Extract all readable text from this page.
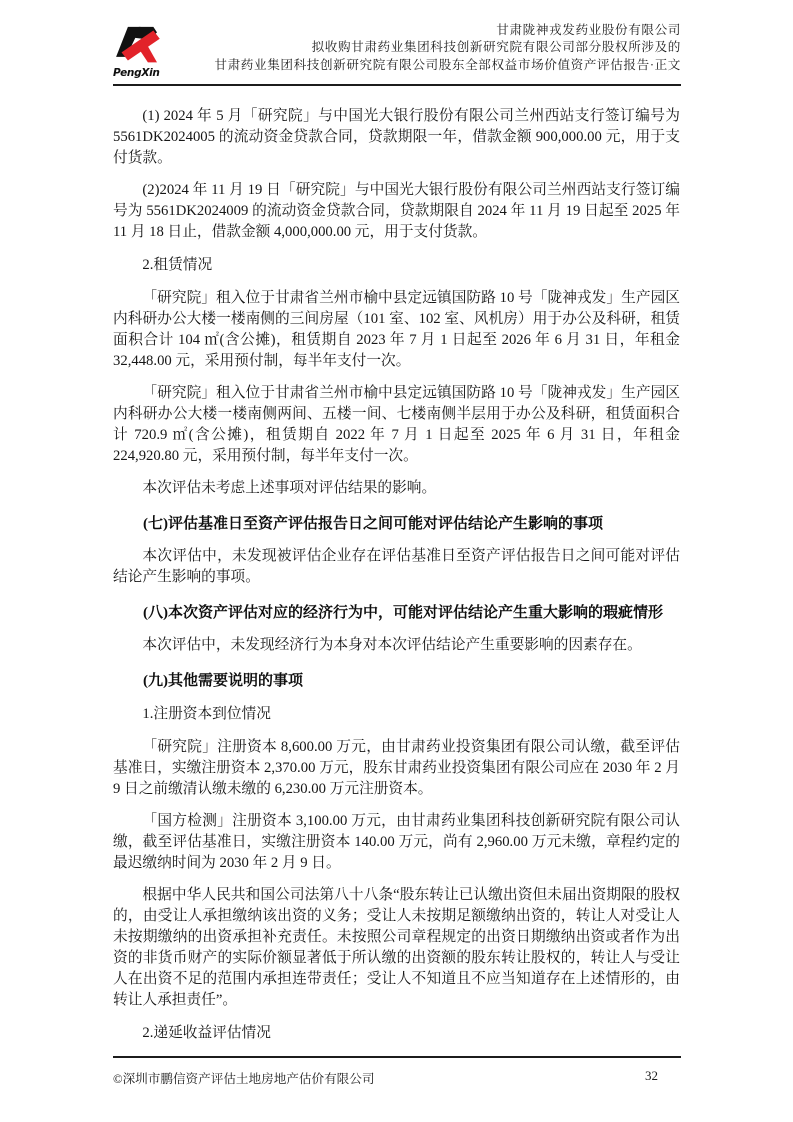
PengXin
甘肃陇神戎发药业股份有限公司
拟收购甘肃药业集团科技创新研究院有限公司部分股权所涉及的
甘肃药业集团科技创新研究院有限公司股东全部权益市场价值资产评估报告·正文

(1) 2024 年 5 月「研究院」与中国光大银行股份有限公司兰州西站支行签订编号为 5561DK2024005 的流动资金贷款合同，贷款期限一年，借款金额 900,000.00 元，用于支付货款。

(2)2024 年 11 月 19 日「研究院」与中国光大银行股份有限公司兰州西站支行签订编号为 5561DK2024009 的流动资金贷款合同，贷款期限自 2024 年 11 月 19 日起至 2025 年 11 月 18 日止，借款金额 4,000,000.00 元，用于支付货款。

2.租赁情况

「研究院」租入位于甘肃省兰州市榆中县定远镇国防路 10 号「陇神戎发」生产园区内科研办公大楼一楼南侧的三间房屋（101 室、102 室、风机房）用于办公及科研，租赁面积合计 104 ㎡(含公摊)，租赁期自 2023 年 7 月 1 日起至 2026 年 6 月 31 日，年租金 32,448.00 元，采用预付制，每半年支付一次。

「研究院」租入位于甘肃省兰州市榆中县定远镇国防路 10 号「陇神戎发」生产园区内科研办公大楼一楼南侧两间、五楼一间、七楼南侧半层用于办公及科研，租赁面积合计 720.9 ㎡(含公摊)，租赁期自 2022 年 7 月 1 日起至 2025 年 6 月 31 日，年租金 224,920.80 元，采用预付制，每半年支付一次。

本次评估未考虑上述事项对评估结果的影响。

(七)评估基准日至资产评估报告日之间可能对评估结论产生影响的事项

本次评估中，未发现被评估企业存在评估基准日至资产评估报告日之间可能对评估结论产生影响的事项。

(八)本次资产评估对应的经济行为中，可能对评估结论产生重大影响的瑕疵情形

本次评估中，未发现经济行为本身对本次评估结论产生重要影响的因素存在。

(九)其他需要说明的事项

1.注册资本到位情况

「研究院」注册资本 8,600.00 万元，由甘肃药业投资集团有限公司认缴，截至评估基准日，实缴注册资本 2,370.00 万元，股东甘肃药业投资集团有限公司应在 2030 年 2 月 9 日之前缴清认缴未缴的 6,230.00 万元注册资本。

「国方检测」注册资本 3,100.00 万元，由甘肃药业集团科技创新研究院有限公司认缴，截至评估基准日，实缴注册资本 140.00 万元，尚有 2,960.00 万元未缴，章程约定的最迟缴纳时间为 2030 年 2 月 9 日。

根据中华人民共和国公司法第八十八条“股东转让已认缴出资但未届出资期限的股权的，由受让人承担缴纳该出资的义务；受让人未按期足额缴纳出资的，转让人对受让人未按期缴纳的出资承担补充责任。未按照公司章程规定的出资日期缴纳出资或者作为出资的非货币财产的实际价额显著低于所认缴的出资额的股东转让股权的，转让人与受让人在出资不足的范围内承担连带责任；受让人不知道且不应当知道存在上述情形的，由转让人承担责任”。

2.递延收益评估情况

©深圳市鹏信资产评估土地房地产估价有限公司	32
